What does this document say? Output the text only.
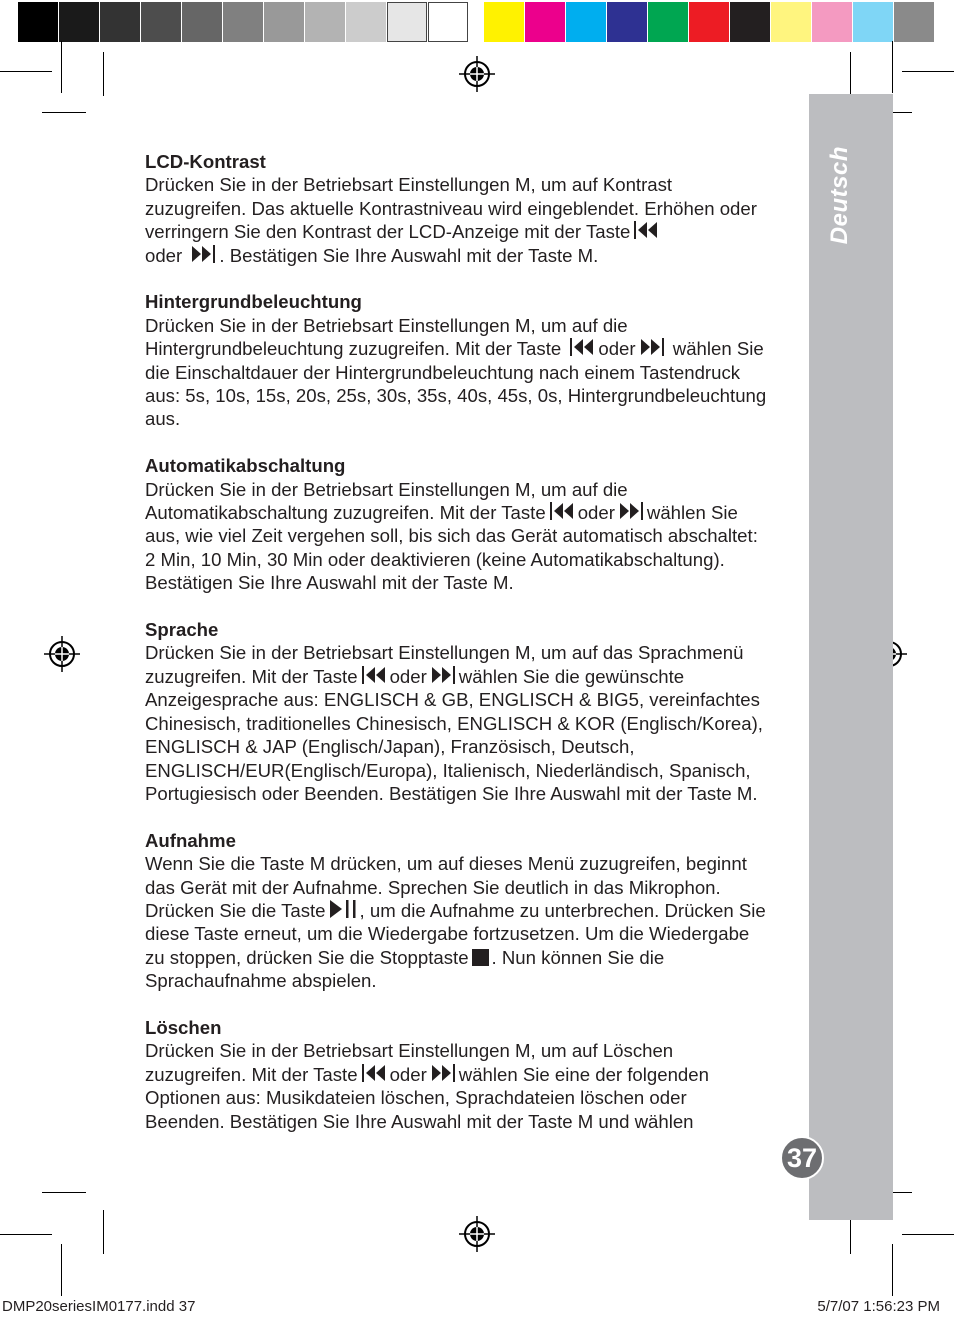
Deutsch
37
LCD-Kontrast

Drücken Sie in der Betriebsart Einstellungen M, um auf Kontrast zuzugreifen. Das aktuelle Kontrastniveau wird eingeblendet. Erhöhen oder verringern Sie den Kontrast der LCD-Anzeige mit der Taste
oder . Bestätigen Sie Ihre Auswahl mit der Taste M.

Hintergrundbeleuchtung

Drücken Sie in der Betriebsart Einstellungen M, um auf die Hintergrundbeleuchtung zuzugreifen. Mit der Taste oder wählen Sie die Einschaltdauer der Hintergrundbeleuchtung nach einem Tastendruck aus: 5s, 10s, 15s, 20s, 25s, 30s, 35s, 40s, 45s, 0s, Hintergrundbeleuchtung aus.

Automatikabschaltung

Drücken Sie in der Betriebsart Einstellungen M, um auf die Automatikabschaltung zuzugreifen. Mit der Taste oder wählen Sie aus, wie viel Zeit vergehen soll, bis sich das Gerät automatisch abschaltet: 2 Min, 10 Min, 30 Min oder deaktivieren (keine Automatikabschaltung). Bestätigen Sie Ihre Auswahl mit der Taste M.

Sprache

Drücken Sie in der Betriebsart Einstellungen M, um auf das Sprachmenü zuzugreifen. Mit der Taste oder wählen Sie die gewünschte Anzeigesprache aus: ENGLISCH & GB, ENGLISCH & BIG5, vereinfachtes Chinesisch, traditionelles Chinesisch, ENGLISCH & KOR (Englisch/Korea), ENGLISCH & JAP (Englisch/Japan), Französisch, Deutsch, ENGLISCH/EUR(Englisch/Europa), Italienisch, Niederländisch, Spanisch, Portugiesisch oder Beenden. Bestätigen Sie Ihre Auswahl mit der Taste M.

Aufnahme

Wenn Sie die Taste M drücken, um auf dieses Menü zuzugreifen, beginnt das Gerät mit der Aufnahme. Sprechen Sie deutlich in das Mikrophon. Drücken Sie die Taste , um die Aufnahme zu unterbrechen. Drücken Sie diese Taste erneut, um die Wiedergabe fortzusetzen. Um die Wiedergabe zu stoppen, drücken Sie die Stopptaste . Nun können Sie die Sprachaufnahme abspielen.

Löschen

Drücken Sie in der Betriebsart Einstellungen M, um auf Löschen zuzugreifen. Mit der Taste oder wählen Sie eine der folgenden Optionen aus: Musikdateien löschen, Sprachdateien löschen oder Beenden. Bestätigen Sie Ihre Auswahl mit der Taste M und wählen

DMP20seriesIM0177.indd 37	5/7/07 1:56:23 PM
